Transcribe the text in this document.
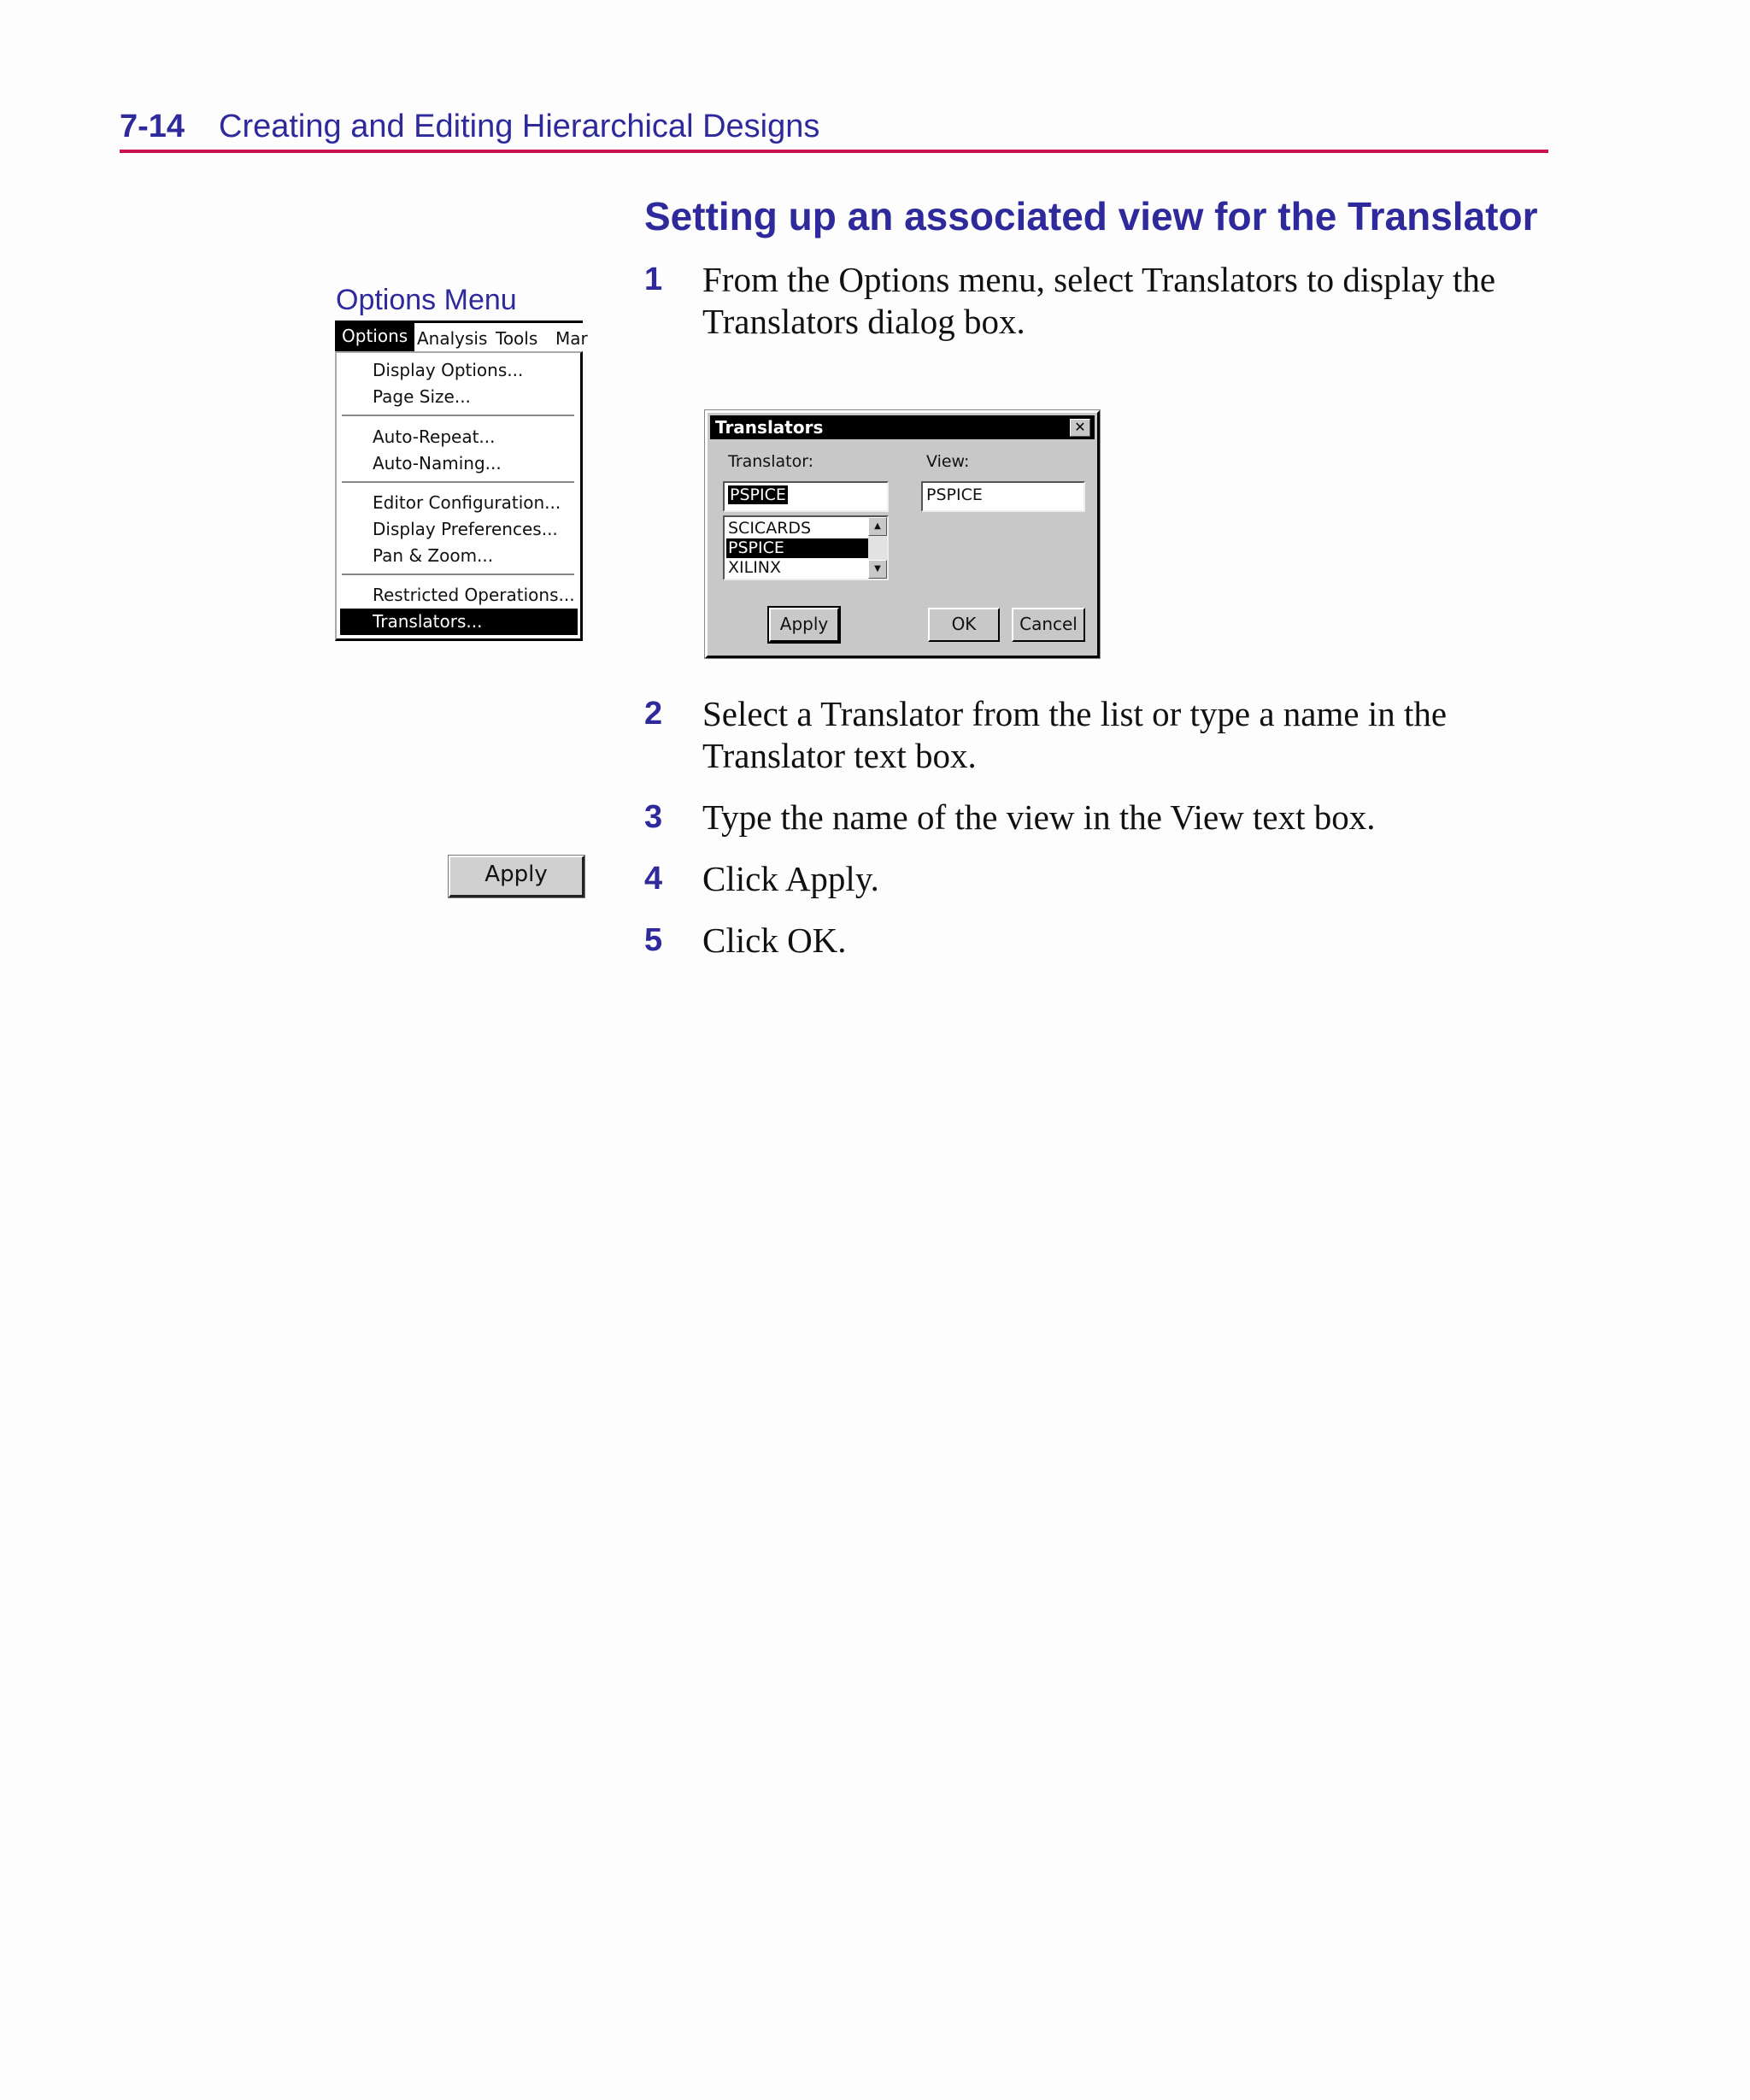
7-14 Creating and Editing Hierarchical Designs
Setting up an associated view for the Translator
Options Menu
Options Analysis Tools Mar
Display Options...
Page Size...
Auto-Repeat...
Auto-Naming...
Editor Configuration...
Display Preferences...
Pan & Zoom...
Restricted Operations...
Translators...
1 From the Options menu, select Translators to display the Translators dialog box.
Translators	✕
Translator:
PSPICE
View:
PSPICE
SCICARDS
PSPICE
XILINX
▲
▼
Apply	OK	Cancel
2 Select a Translator from the list or type a name in the Translator text box.
3 Type the name of the view in the View text box.
Apply	4 Click Apply.
5 Click OK.
